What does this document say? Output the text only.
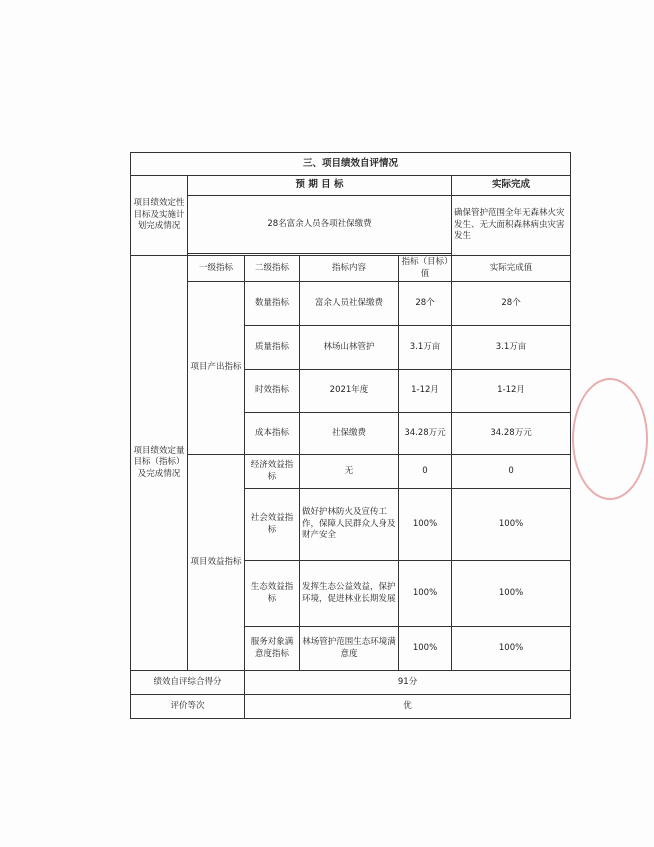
三、项目绩效自评情况					
项目绩效定性目标及实施计划完成情况	预 期 目 标				实际完成
	28名富余人员各项社保缴费				确保管护范围全年无森林火灾发生、无大面积森林病虫灾害发生

项目绩效定量目标（指标）及完成情况	一级指标	二级指标	指标内容	指标（目标）值	实际完成值
	项目产出指标	数量指标	富余人员社保缴费	28个	28个
		质量指标	林场山林管护	3.1万亩	3.1万亩
		时效指标	2021年度	1-12月	1-12月
		成本指标	社保缴费	34.28万元	34.28万元
	项目效益指标	经济效益指标	无	0	0
		社会效益指标	做好护林防火及宣传工作，保障人民群众人身及财产安全	100%	100%
		生态效益指标	发挥生态公益效益，保护环境，促进林业长期发展	100%	100%
		服务对象满意度指标	林场管护范围生态环境满意度	100%	100%
绩效自评综合得分		91分			
评价等次		优			
